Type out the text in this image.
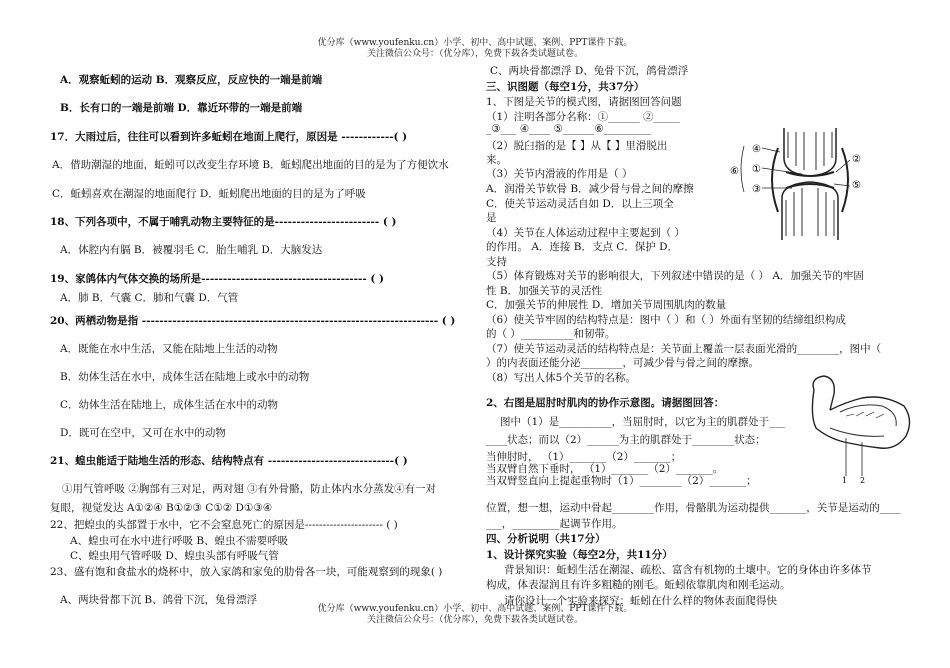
优分库（www.youfenku.cn）小学、初中、高中试题、案例、PPT课件下载。
关注微信公众号：（优分库），免费下载各类试题试卷。
A．观察蚯蚓的运动 B．观察反应，反应快的一端是前端
B．长有口的一端是前端 D．靠近环带的一端是前端
17．大雨过后，往往可以看到许多蚯蚓在地面上爬行，原因是 ------------( )
A．借助潮湿的地面，蚯蚓可以改变生存环境 B．蚯蚓爬出地面的目的是为了方便饮水
C．蚯蚓喜欢在潮湿的地面爬行 D．蚯蚓爬出地面的目的是为了呼吸
18、下列各项中，不属于哺乳动物主要特征的是------------------------ ( )
A．体腔内有膈 B．被覆羽毛 C．胎生哺乳 D．大脑发达
19、家鸽体内气体交换的场所是-------------------------------------- ( )
A．肺 B．气囊 C．肺和气囊 D．气管
20、两栖动物是指 -------------------------------------------------------------------- ( )
A．既能在水中生活，又能在陆地上生活的动物
B．幼体生活在水中，成体生活在陆地上或水中的动物
C．幼体生活在陆地上，成体生活在水中的动物
D．既可在空中，又可在水中的动物
21、蝗虫能适于陆地生活的形态、结构特点有 -----------------------------( )
①用气管呼吸 ②胸部有三对足，两对翅 ③有外骨骼，防止体内水分蒸发④有一对
复眼，视觉发达 A①②④ B①②③ C①② D①③④
22、把蝗虫的头部置于水中，它不会窒息死亡的原因是---------------------- ( )
A、蝗虫可在水中进行呼吸 B、蝗虫不需要呼吸
C、蝗虫用气管呼吸 D、蝗虫头部有呼吸气管
23、盛有饱和食盐水的烧杯中，放入家鸽和家兔的肋骨各一块，可能观察到的现象( )
A、两块骨都下沉 B、鸽骨下沉，兔骨漂浮
C、两块骨都漂浮 D、兔骨下沉，鸽骨漂浮
三、识图题（每空1分，共37分）
1、下图是关节的模式图，请据图回答问题
（1）注明各部分名称：①______ ②_____
_③___ ④____ ⑤______⑥_________
（2）脱臼指的是【 】从【 】里滑脱出
来。
（3）关节内滑液的作用是（ ）
A．润滑关节软骨 B．减少骨与骨之间的摩擦
C．使关节运动灵活自如 D．以上三项全
是
（4）关节在人体运动过程中主要起到（ ）
的作用。 A．连接 B．支点 C．保护 D．
支持
（5）体育锻炼对关节的影响很大，下列叙述中错误的是（ ） A．加强关节的牢固
性 B．加强关节的灵活性
C．加强关节的伸展性 D．增加关节周围肌肉的数量
（6）使关节牢固的结构特点是：图中（ ）和（ ）外面有坚韧的结缔组织构成
的（ ）__________和韧带。
（7）使关节运动灵活的结构特点是：关节面上覆盖一层表面光滑的________，图中（
）的内表面还能分泌________，可减少骨与骨之间的摩擦。
（8）写出人体5个关节的名称。
2、右图是屈肘时肌肉的协作示意图。请据图回答：
图中（1）是__________，当屈肘时，以它为主的肌群处于___
____状态；而以（2）______为主的肌群处于________状态；
当伸肘时， （1）_______（2）_______；
当双臂自然下垂时， （1）_______（2）_______。
当双臂竖直向上提起重物时（1）________（2）_______；
位置，想一想，运动中骨起________作用，骨骼肌为运动提供_______，关节是运动的____
___，_________起调节作用。
四、分析说明（共17分）
1、设计探究实验（每空2分，共11分）
背景知识：蚯蚓生活在潮湿、疏松、富含有机物的土壤中。它的身体由许多体节
构成，体表湿润且有许多粗糙的刚毛。蚯蚓依靠肌肉和刚毛运动。
请你设计一个实验来探究：蚯蚓在什么样的物体表面爬得快
④
①
③
⑥
②
⑤
1 2
优分库（www.youfenku.cn）小学、初中、高中试题、案例、PPT课件下载。
关注微信公众号：（优分库），免费下载各类试题试卷。
